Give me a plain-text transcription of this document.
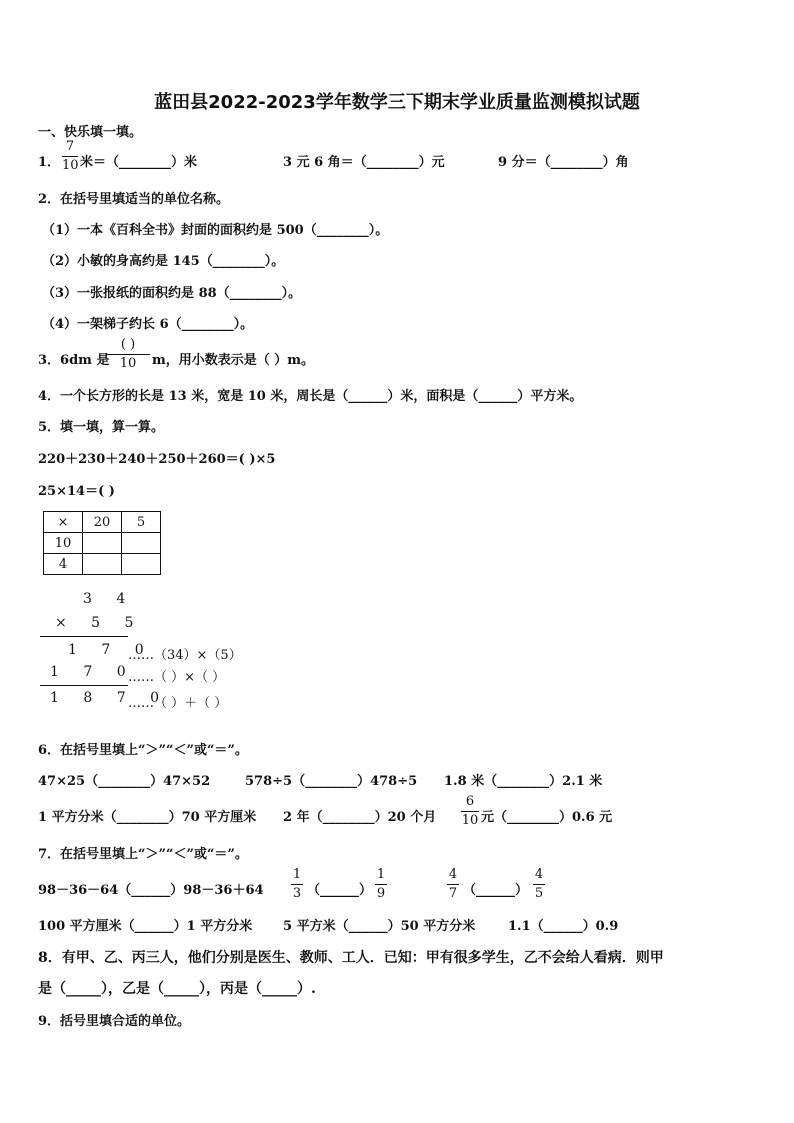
蓝田县2022-2023学年数学三下期末学业质量监测模拟试题
一、快乐填一填。
1．
7
10 米＝（________）米	3 元 6 角＝（________）元	9 分＝（________）角
2．在括号里填适当的单位名称。
（1）一本《百科全书》封面的面积约是 500（________）。
（2）小敏的身高约是 145（________）。
（3）一张报纸的面积约是 88（________）。
（4）一架梯子约长 6（________）。
3．6dm 是
( )
10	m，用小数表示是（ ）m。
4．一个长方形的长是 13 米，宽是 10 米，周长是（______）米，面积是（______）平方米。
5．填一填，算一算。
220＋230＋240＋250＋260＝( )×5
25×14＝( )
×	20	5
10		
4		
3 4
× 5 5
1 7 0
……（34）×（5）
1 7 0
……（ ）×（ ）
1 8 7 0
……（ ）＋（ ）
6．在括号里填上“＞”“＜”或“＝”。
47×25（________）47×52	578÷5（________）478÷5 1.8 米（________）2.1 米
1 平方分米（________）70 平方厘米 2 年（________）20 个月
6
10 元（________）0.6 元
7．在括号里填上“＞”“＜”或“＝”。
98－36－64（______）98－36＋64
1
3 （______）
1
9
4
7 （______）
4
5
100 平方厘米（______）1 平方分米 5 平方米（______）50 平方分米	1.1（______）0.9
8．有甲、乙、丙三人，他们分别是医生、教师、工人．已知：甲有很多学生，乙不会给人看病．则甲
是（_____），乙是（_____），丙是（_____）.
9．括号里填合适的单位。
